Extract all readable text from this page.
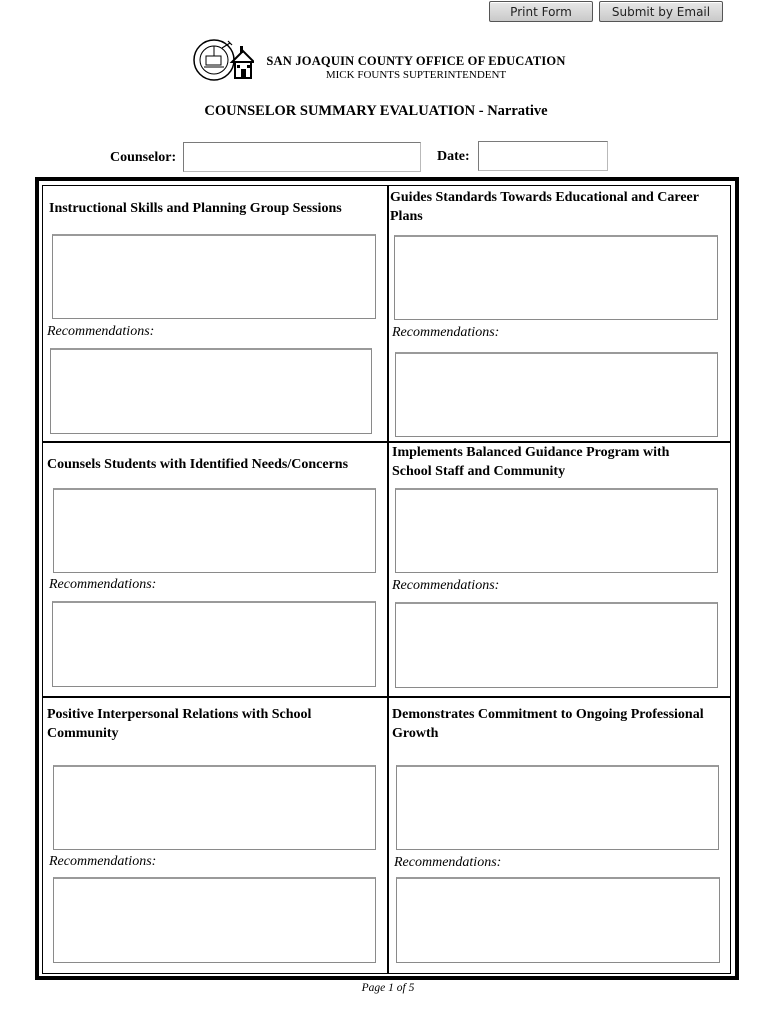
Print Form	Submit by Email
SAN JOAQUIN COUNTY OFFICE OF EDUCATION
MICK FOUNTS SUPTERINTENDENT
COUNSELOR SUMMARY EVALUATION - Narrative
Counselor:	Date:
Instructional Skills and Planning Group Sessions
Recommendations:
Guides Standards Towards Educational and Career Plans
Recommendations:
Counsels Students with Identified Needs/Concerns
Recommendations:
Implements Balanced Guidance Program with School Staff and Community
Recommendations:
Positive Interpersonal Relations with School Community
Recommendations:
Demonstrates Commitment to Ongoing Professional Growth
Recommendations:
Page 1 of 5
